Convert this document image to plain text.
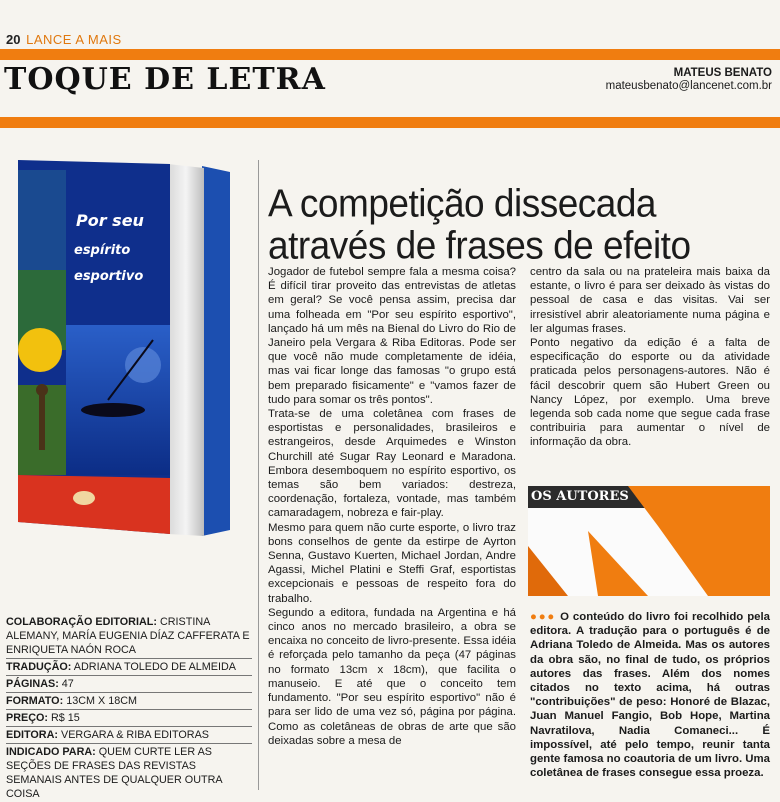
20 LANCE A MAIS
TOQUE DE LETRA	MATEUS BENATO
mateusbenato@lancenet.com.br
Por seu
espírito
esportivo
COLABORAÇÃO EDITORIAL: CRISTINA ALEMANY, MARÍA EUGENIA DÍAZ CAFFERATA E ENRIQUETA NAÓN ROCA
TRADUÇÃO: ADRIANA TOLEDO DE ALMEIDA
PÁGINAS: 47
FORMATO: 13CM X 18CM
PREÇO: R$ 15
EDITORA: VERGARA & RIBA EDITORAS
INDICADO PARA: QUEM CURTE LER AS SEÇÕES DE FRASES DAS REVISTAS SEMANAIS ANTES DE QUALQUER OUTRA COISA
A competição dissecada através de frases de efeito

Jogador de futebol sempre fala a mesma coisa? É difícil tirar proveito das entrevistas de atletas em geral? Se você pensa assim, precisa dar uma folheada em "Por seu espírito esportivo", lançado há um mês na Bienal do Livro do Rio de Janeiro pela Vergara & Riba Editoras. Pode ser que você não mude completamente de idéia, mas vai ficar longe das famosas "o grupo está bem preparado fisicamente" e "vamos fazer de tudo para somar os três pontos".

Trata-se de uma coletânea com frases de esportistas e personalidades, brasileiros e estrangeiros, desde Arquimedes e Winston Churchill até Sugar Ray Leonard e Maradona. Embora desemboquem no espírito esportivo, os temas são bem variados: destreza, coordenação, fortaleza, vontade, mas também camaradagem, nobreza e fair-play.

Mesmo para quem não curte esporte, o livro traz bons conselhos de gente da estirpe de Ayrton Senna, Gustavo Kuerten, Michael Jordan, Andre Agassi, Michel Platini e Steffi Graf, esportistas excepcionais e pessoas de respeito fora do trabalho.

Segundo a editora, fundada na Argentina e há cinco anos no mercado brasileiro, a obra se encaixa no conceito de livro-presente. Essa idéia é reforçada pelo tamanho da peça (47 páginas no formato 13cm x 18cm), que facilita o manuseio. E até que o conceito tem fundamento. "Por seu espírito esportivo" não é para ser lido de uma vez só, página por página. Como as coletâneas de obras de arte que são deixadas sobre a mesa de

centro da sala ou na prateleira mais baixa da estante, o livro é para ser deixado às vistas do pessoal de casa e das visitas. Vai ser irresistível abrir aleatoriamente numa página e ler algumas frases.

Ponto negativo da edição é a falta de especificação do esporte ou da atividade praticada pelos personagens-autores. Não é fácil descobrir quem são Hubert Green ou Nancy López, por exemplo. Uma breve legenda sob cada nome que segue cada frase contribuiria para aumentar o nível de informação da obra.

OS AUTORES
●●● O conteúdo do livro foi recolhido pela editora. A tradução para o português é de Adriana Toledo de Almeida. Mas os autores da obra são, no final de tudo, os próprios autores das frases. Além dos nomes citados no texto acima, há outras "contribuições" de peso: Honoré de Blazac, Juan Manuel Fangio, Bob Hope, Martina Navratilova, Nadia Comaneci... É impossível, até pelo tempo, reunir tanta gente famosa no coautoria de um livro. Uma coletânea de frases consegue essa proeza.
